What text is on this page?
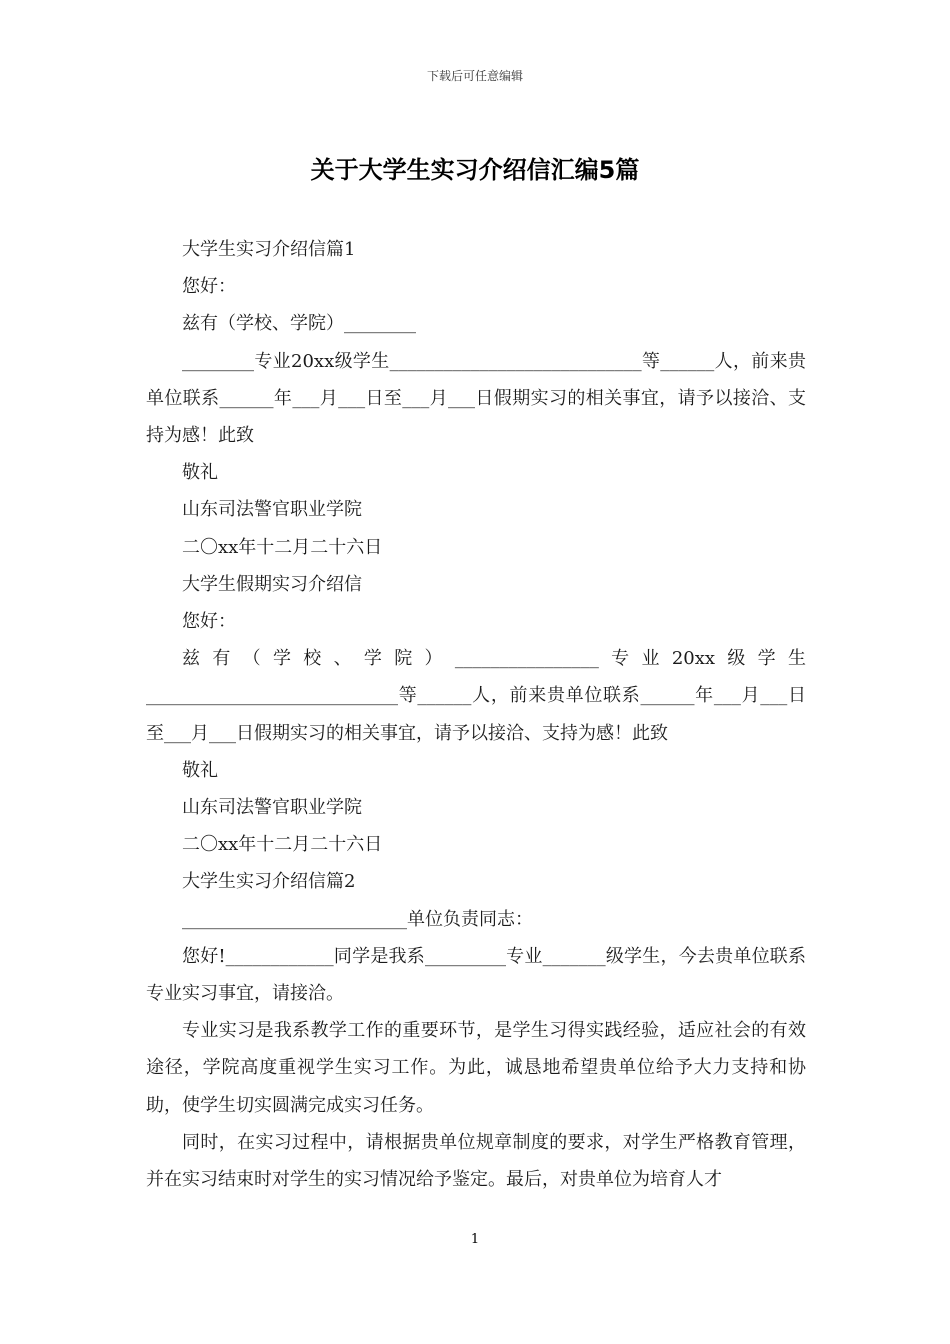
下载后可任意编辑
关于大学生实习介绍信汇编5篇

大学生实习介绍信篇1

您好：

兹有（学校、学院）________

________专业20xx级学生____________________________等______人，前来贵单位联系______年___月___日至___月___日假期实习的相关事宜，请予以接洽、支持为感！此致

敬礼

山东司法警官职业学院

二〇xx年十二月二十六日

大学生假期实习介绍信

您好：

兹有（学校、学院）________________专业20xx级学生____________________________等______人，前来贵单位联系______年___月___日至___月___日假期实习的相关事宜，请予以接洽、支持为感！此致

敬礼

山东司法警官职业学院

二〇xx年十二月二十六日

大学生实习介绍信篇2

_________________________单位负责同志：

您好!____________同学是我系_________专业_______级学生，今去贵单位联系专业实习事宜，请接洽。

专业实习是我系教学工作的重要环节，是学生习得实践经验，适应社会的有效途径，学院高度重视学生实习工作。为此，诚恳地希望贵单位给予大力支持和协助，使学生切实圆满完成实习任务。

同时，在实习过程中，请根据贵单位规章制度的要求，对学生严格教育管理，并在实习结束时对学生的实习情况给予鉴定。最后，对贵单位为培育人才

1
